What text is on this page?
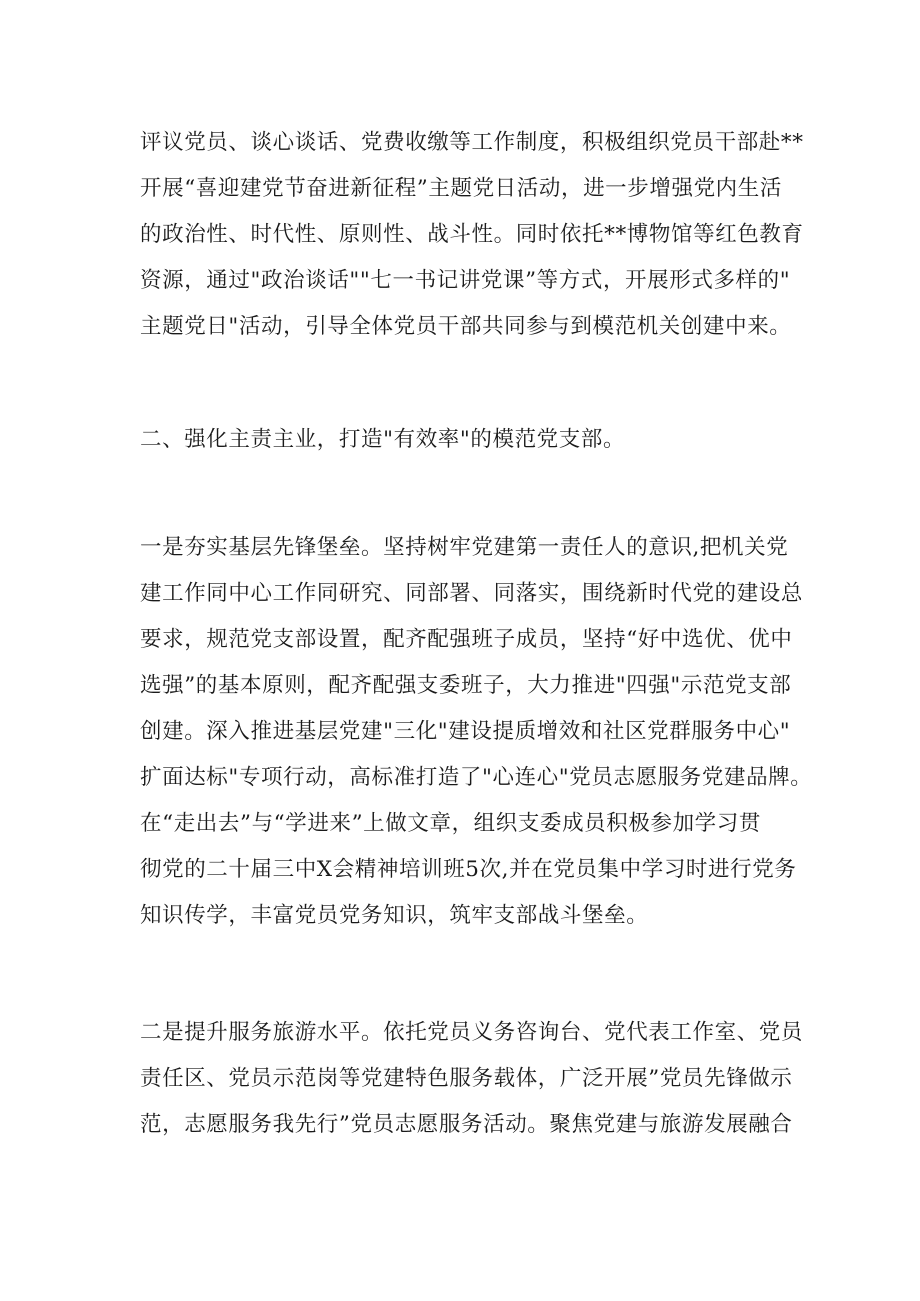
评议党员、谈心谈话、党费收缴等工作制度，积极组织党员干部赴**
开展“喜迎建党节奋进新征程”主题党日活动，进一步增强党内生活
的政治性、时代性、原则性、战斗性。同时依托**博物馆等红色教育
资源，通过"政治谈话""七一书记讲党课”等方式，开展形式多样的"
主题党日"活动，引导全体党员干部共同参与到模范机关创建中来。
二、强化主责主业，打造"有效率"的模范党支部。
一是夯实基层先锋堡垒。坚持树牢党建第一责任人的意识,把机关党
建工作同中心工作同研究、同部署、同落实，围绕新时代党的建设总
要求，规范党支部设置，配齐配强班子成员，坚持“好中选优、优中
选强”的基本原则，配齐配强支委班子，大力推进"四强"示范党支部
创建。深入推进基层党建"三化"建设提质增效和社区党群服务中心"
扩面达标"专项行动，高标准打造了"心连心"党员志愿服务党建品牌。
在“走出去”与“学进来”上做文章，组织支委成员积极参加学习贯
彻党的二十届三中X会精神培训班5次,并在党员集中学习时进行党务
知识传学，丰富党员党务知识，筑牢支部战斗堡垒。
二是提升服务旅游水平。依托党员义务咨询台、党代表工作室、党员
责任区、党员示范岗等党建特色服务载体，广泛开展”党员先锋做示
范，志愿服务我先行”党员志愿服务活动。聚焦党建与旅游发展融合
